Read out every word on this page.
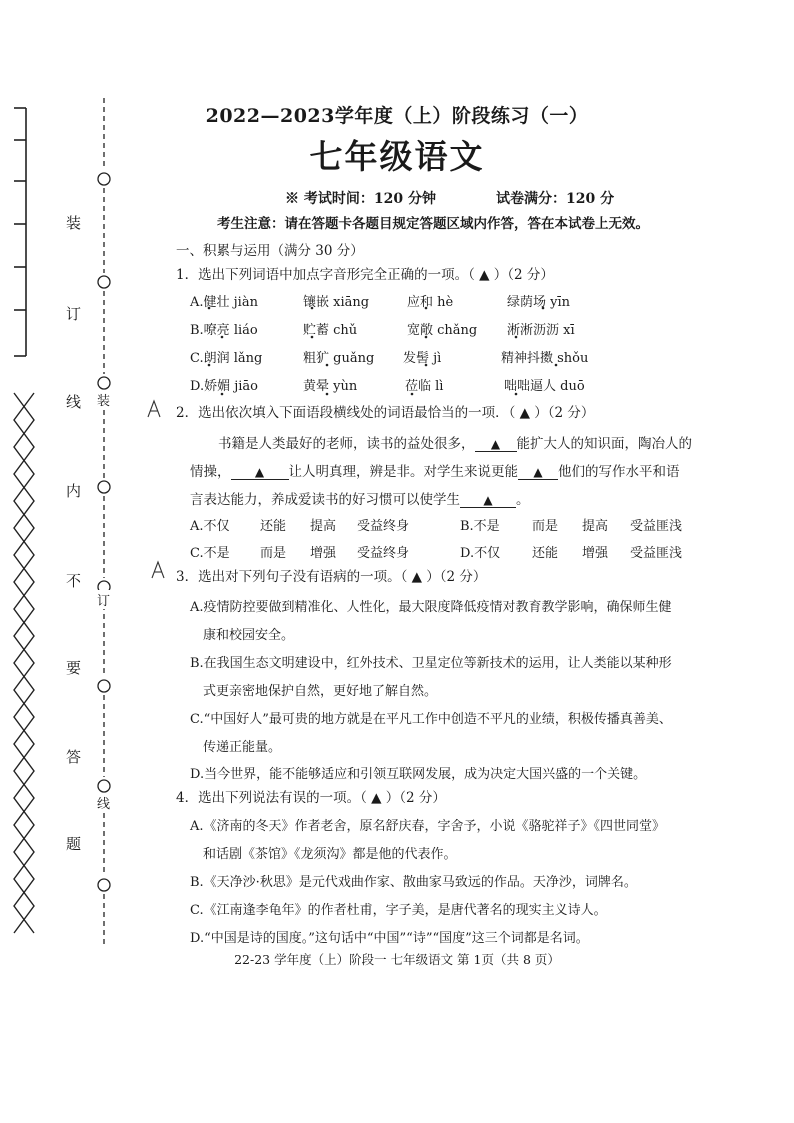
装
订
线
内
不
要
答
题
装
订
线
2022—2023学年度（上）阶段练习（一）
七年级语文
※ 考试时间：120 分钟	试卷满分：120 分
考生注意：请在答题卡各题目规定答题区域内作答，答在本试卷上无效。
一、积累与运用（满分 30 分）
1．选出下列词语中加点字音形完全正确的一项。（ ▲ ）（2 分）
A.健壮 jiàn	镶嵌 xiāng	应和 hè	绿荫场 yīn
B.嘹亮 liáo	贮蓄 chǔ	宽敞 chǎng 淅淅沥沥 xī
C.朗润 lǎng	粗犷 guǎng 发髻 jì	精神抖擞 shǒu
D.娇媚 jiāo	黄晕 yùn	莅临 lì	咄咄逼人 duō
2．选出依次填入下面语段横线处的词语最恰当的一项．（ ▲ ）（2 分）
书籍是人类最好的老师，读书的益处很多， ▲ 能扩大人的知识面，陶冶人的
情操， ▲ 让人明真理，辨是非。对学生来说更能 ▲ 他们的写作水平和语
言表达能力，养成爱读书的好习惯可以使学生 ▲ 。
A.不仅 还能 提高 受益终身	B.不是 而是 提高 受益匪浅
C.不是 而是 增强 受益终身	D.不仅 还能 增强 受益匪浅
3．选出对下列句子没有语病的一项。（ ▲ ）（2 分）
A.疫情防控要做到精准化、人性化，最大限度降低疫情对教育教学影响，确保师生健
康和校园安全。
B.在我国生态文明建设中，红外技术、卫星定位等新技术的运用，让人类能以某种形
式更亲密地保护自然，更好地了解自然。
C.“中国好人”最可贵的地方就是在平凡工作中创造不平凡的业绩，积极传播真善美、
传递正能量。
D.当今世界，能不能够适应和引领互联网发展，成为决定大国兴盛的一个关键。
4．选出下列说法有误的一项。（ ▲ ）（2 分）
A.《济南的冬天》作者老舍，原名舒庆春，字舍予，小说《骆驼祥子》《四世同堂》
和话剧《茶馆》《龙须沟》都是他的代表作。
B.《天净沙·秋思》是元代戏曲作家、散曲家马致远的作品。天净沙，词牌名。
C.《江南逢李龟年》的作者杜甫，字子美，是唐代著名的现实主义诗人。
D.“中国是诗的国度。”这句话中“中国”“诗”“国度”这三个词都是名词。
22-23 学年度（上）阶段一 七年级语文 第 1页（共 8 页）
